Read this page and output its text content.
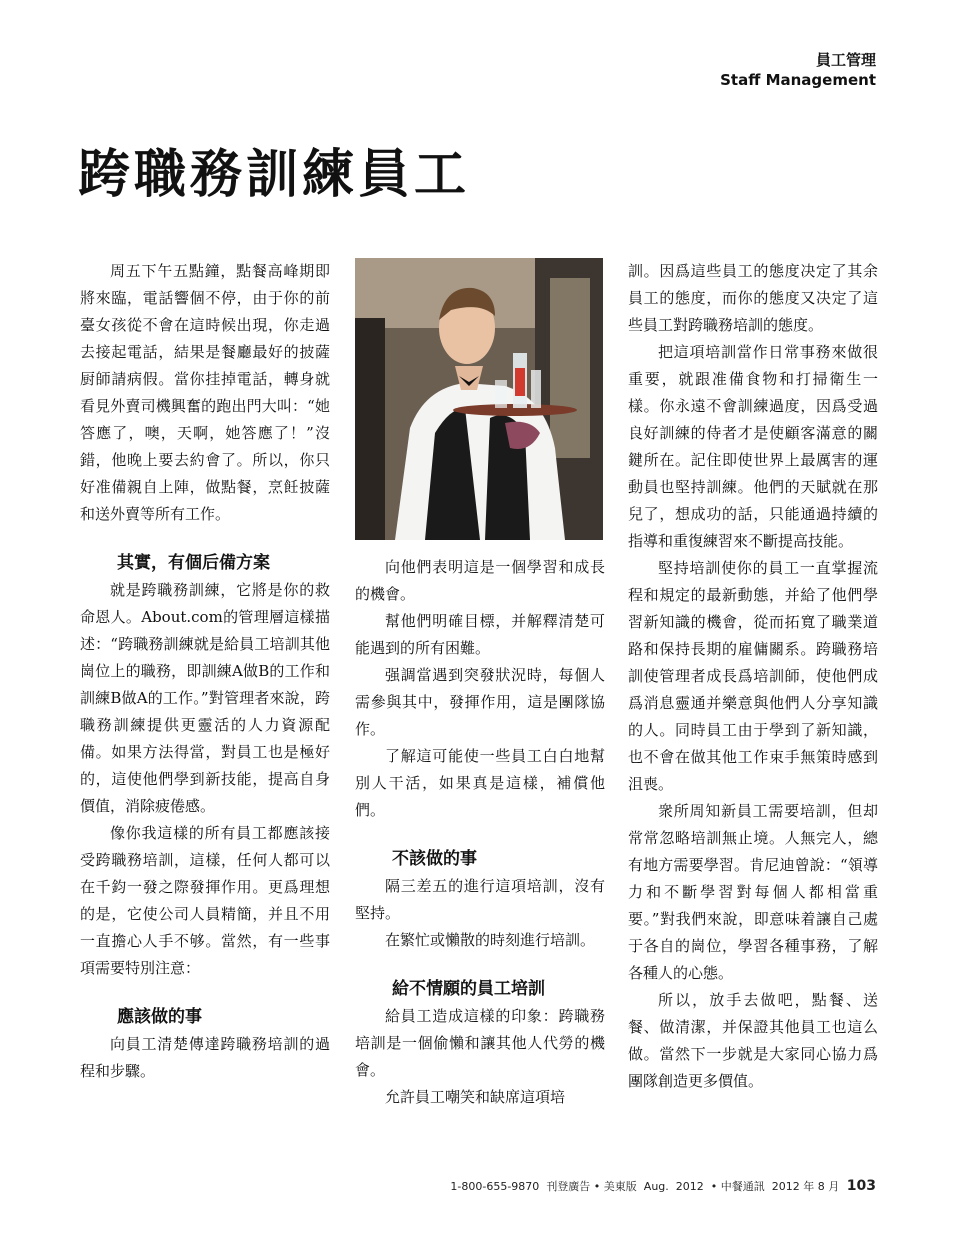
員工管理
Staff Management
跨職務訓練員工

周五下午五點鐘，點餐高峰期即將來臨，電話響個不停，由于你的前臺女孩從不會在這時候出現，你走過去接起電話，結果是餐廳最好的披薩厨師請病假。當你挂掉電話，轉身就看見外賣司機興奮的跑出門大叫：“她答應了，噢，天啊，她答應了！”沒錯，他晚上要去約會了。所以，你只好准備親自上陣，做點餐，烹飪披薩和送外賣等所有工作。

其實，有個后備方案

就是跨職務訓練，它將是你的救命恩人。About.com的管理層這樣描述：“跨職務訓練就是給員工培訓其他崗位上的職務，即訓練A做B的工作和訓練B做A的工作。”對管理者來說，跨職務訓練提供更靈活的人力資源配備。如果方法得當，對員工也是極好的，這使他們學到新技能，提高自身價值，消除疲倦感。

像你我這樣的所有員工都應該接受跨職務培訓，這樣，任何人都可以在千鈞一發之際發揮作用。更爲理想的是，它使公司人員精簡，并且不用一直擔心人手不够。當然，有一些事項需要特別注意：

應該做的事

向員工清楚傳達跨職務培訓的過程和步驟。

向他們表明這是一個學習和成長的機會。

幫他們明確目標，并解釋清楚可能遇到的所有困難。

强調當遇到突發狀況時，每個人需參與其中，發揮作用，這是團隊協作。

了解這可能使一些員工白白地幫別人干活，如果真是這樣，補償他們。

不該做的事

隔三差五的進行這項培訓，沒有堅持。

在繁忙或懶散的時刻進行培訓。

給不情願的員工培訓

給員工造成這樣的印象：跨職務培訓是一個偷懶和讓其他人代勞的機會。

允許員工嘲笑和缺席這項培

訓。因爲這些員工的態度决定了其余員工的態度，而你的態度又决定了這些員工對跨職務培訓的態度。

把這項培訓當作日常事務來做很重要，就跟准備食物和打掃衛生一樣。你永遠不會訓練過度，因爲受過良好訓練的侍者才是使顧客滿意的關鍵所在。記住即使世界上最厲害的運動員也堅持訓練。他們的天賦就在那兒了，想成功的話，只能通過持續的指導和重復練習來不斷提高技能。

堅持培訓使你的員工一直掌握流程和規定的最新動態，并給了他們學習新知識的機會，從而拓寬了職業道路和保持長期的雇傭關系。跨職務培訓使管理者成長爲培訓師，使他們成爲消息靈通并樂意與他們人分享知識的人。同時員工由于學到了新知識，也不會在做其他工作束手無策時感到沮喪。

衆所周知新員工需要培訓，但却常常忽略培訓無止境。人無完人，總有地方需要學習。肯尼迪曾說：“領導力和不斷學習對每個人都相當重要。”對我們來說，即意味着讓自己處于各自的崗位，學習各種事務，了解各種人的心態。

所以，放手去做吧，點餐、送餐、做清潔，并保證其他員工也這么做。當然下一步就是大家同心協力爲團隊創造更多價值。

1-800-655-9870 刊登廣告 • 美東版 Aug. 2012 • 中餐通訊 2012 年 8 月 103
